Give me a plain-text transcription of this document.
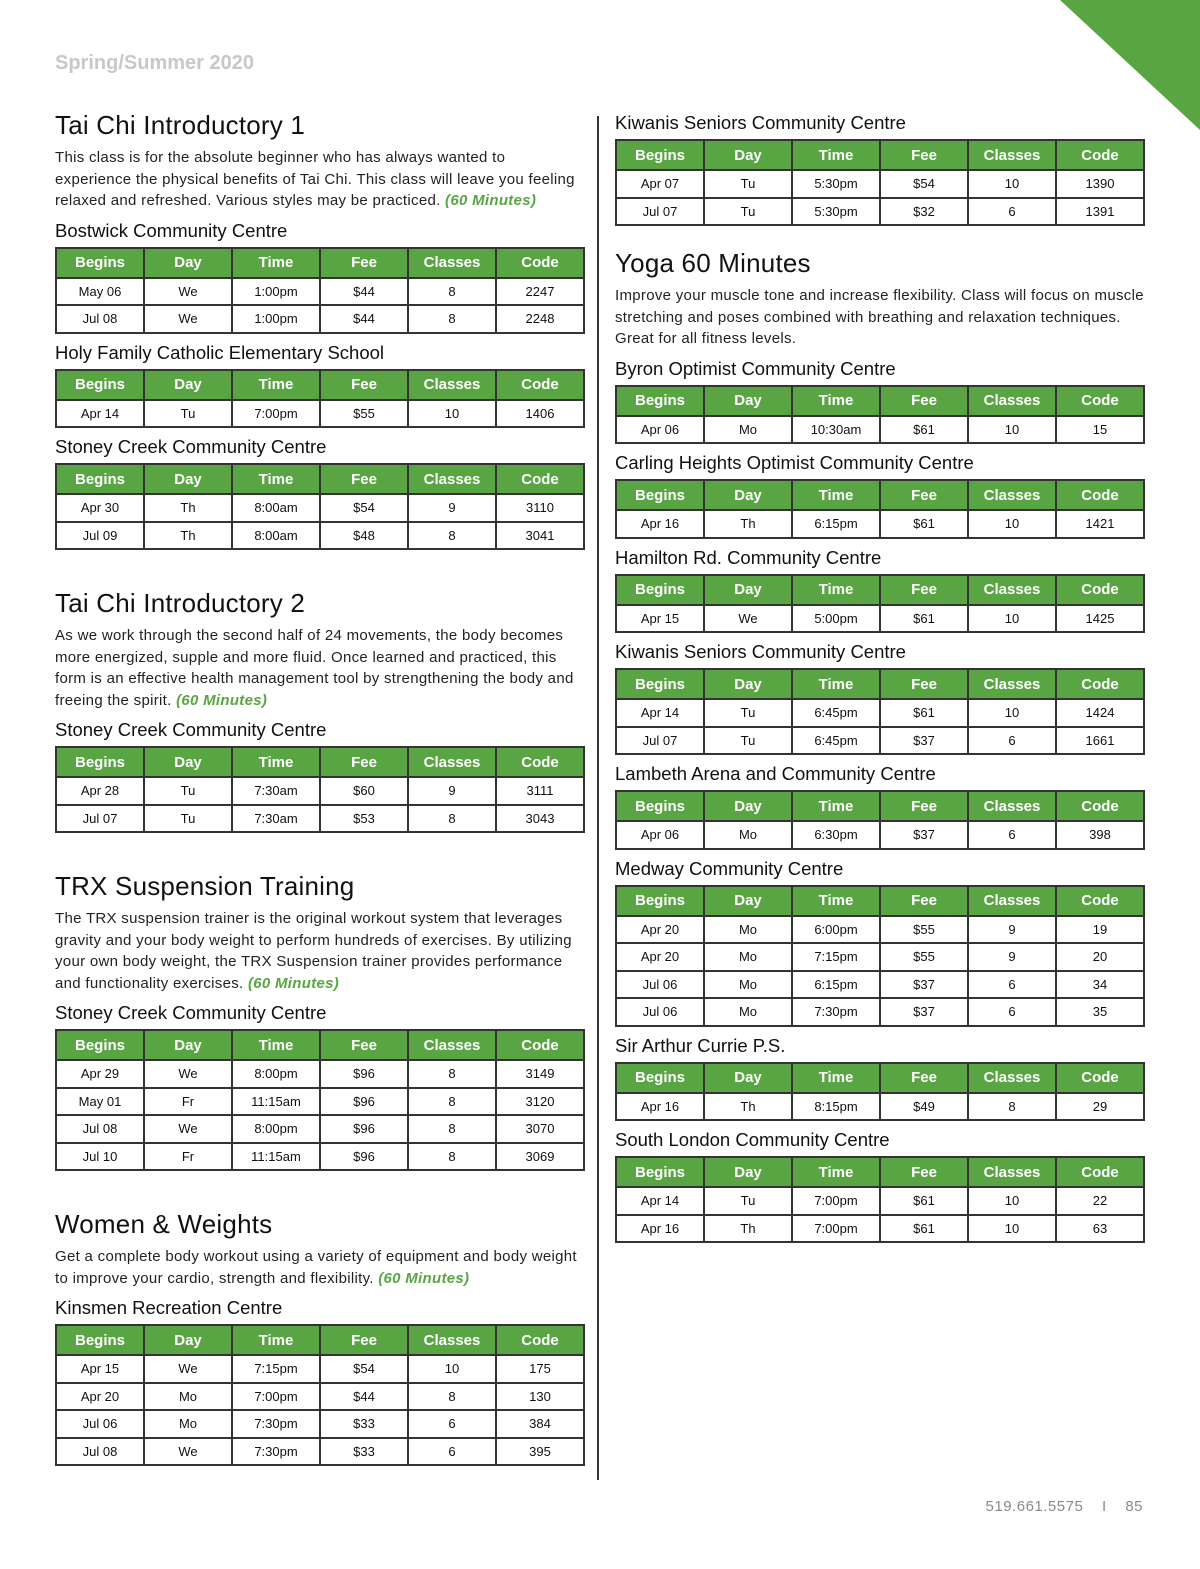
Spring/Summer 2020
Tai Chi Introductory 1

This class is for the absolute beginner who has always wanted to experience the physical benefits of Tai Chi. This class will leave you feeling relaxed and refreshed. Various styles may be practiced. (60 Minutes)

Bostwick Community Centre
Begins	Day	Time	Fee	Classes	Code
May 06	We	1:00pm	$44	8	2247
Jul 08	We	1:00pm	$44	8	2248
Holy Family Catholic Elementary School
Begins	Day	Time	Fee	Classes	Code
Apr 14	Tu	7:00pm	$55	10	1406
Stoney Creek Community Centre
Begins	Day	Time	Fee	Classes	Code
Apr 30	Th	8:00am	$54	9	3110
Jul 09	Th	8:00am	$48	8	3041
Tai Chi Introductory 2

As we work through the second half of 24 movements, the body becomes more energized, supple and more fluid. Once learned and practiced, this form is an effective health management tool by strengthening the body and freeing the spirit. (60 Minutes)

Stoney Creek Community Centre
Begins	Day	Time	Fee	Classes	Code
Apr 28	Tu	7:30am	$60	9	3111
Jul 07	Tu	7:30am	$53	8	3043
TRX Suspension Training

The TRX suspension trainer is the original workout system that leverages gravity and your body weight to perform hundreds of exercises. By utilizing your own body weight, the TRX Suspension trainer provides performance and functionality exercises. (60 Minutes)

Stoney Creek Community Centre
Begins	Day	Time	Fee	Classes	Code
Apr 29	We	8:00pm	$96	8	3149
May 01	Fr	11:15am	$96	8	3120
Jul 08	We	8:00pm	$96	8	3070
Jul 10	Fr	11:15am	$96	8	3069
Women & Weights

Get a complete body workout using a variety of equipment and body weight to improve your cardio, strength and flexibility. (60 Minutes)

Kinsmen Recreation Centre
Begins	Day	Time	Fee	Classes	Code
Apr 15	We	7:15pm	$54	10	175
Apr 20	Mo	7:00pm	$44	8	130
Jul 06	Mo	7:30pm	$33	6	384
Jul 08	We	7:30pm	$33	6	395
Kiwanis Seniors Community Centre
Begins	Day	Time	Fee	Classes	Code
Apr 07	Tu	5:30pm	$54	10	1390
Jul 07	Tu	5:30pm	$32	6	1391
Yoga 60 Minutes

Improve your muscle tone and increase flexibility. Class will focus on muscle stretching and poses combined with breathing and relaxation techniques. Great for all fitness levels.

Byron Optimist Community Centre
Begins	Day	Time	Fee	Classes	Code
Apr 06	Mo	10:30am	$61	10	15
Carling Heights Optimist Community Centre
Begins	Day	Time	Fee	Classes	Code
Apr 16	Th	6:15pm	$61	10	1421
Hamilton Rd. Community Centre
Begins	Day	Time	Fee	Classes	Code
Apr 15	We	5:00pm	$61	10	1425
Kiwanis Seniors Community Centre
Begins	Day	Time	Fee	Classes	Code
Apr 14	Tu	6:45pm	$61	10	1424
Jul 07	Tu	6:45pm	$37	6	1661
Lambeth Arena and Community Centre
Begins	Day	Time	Fee	Classes	Code
Apr 06	Mo	6:30pm	$37	6	398
Medway Community Centre
Begins	Day	Time	Fee	Classes	Code
Apr 20	Mo	6:00pm	$55	9	19
Apr 20	Mo	7:15pm	$55	9	20
Jul 06	Mo	6:15pm	$37	6	34
Jul 06	Mo	7:30pm	$37	6	35
Sir Arthur Currie P.S.
Begins	Day	Time	Fee	Classes	Code
Apr 16	Th	8:15pm	$49	8	29
South London Community Centre
Begins	Day	Time	Fee	Classes	Code
Apr 14	Tu	7:00pm	$61	10	22
Apr 16	Th	7:00pm	$61	10	63
519.661.5575 I 85
